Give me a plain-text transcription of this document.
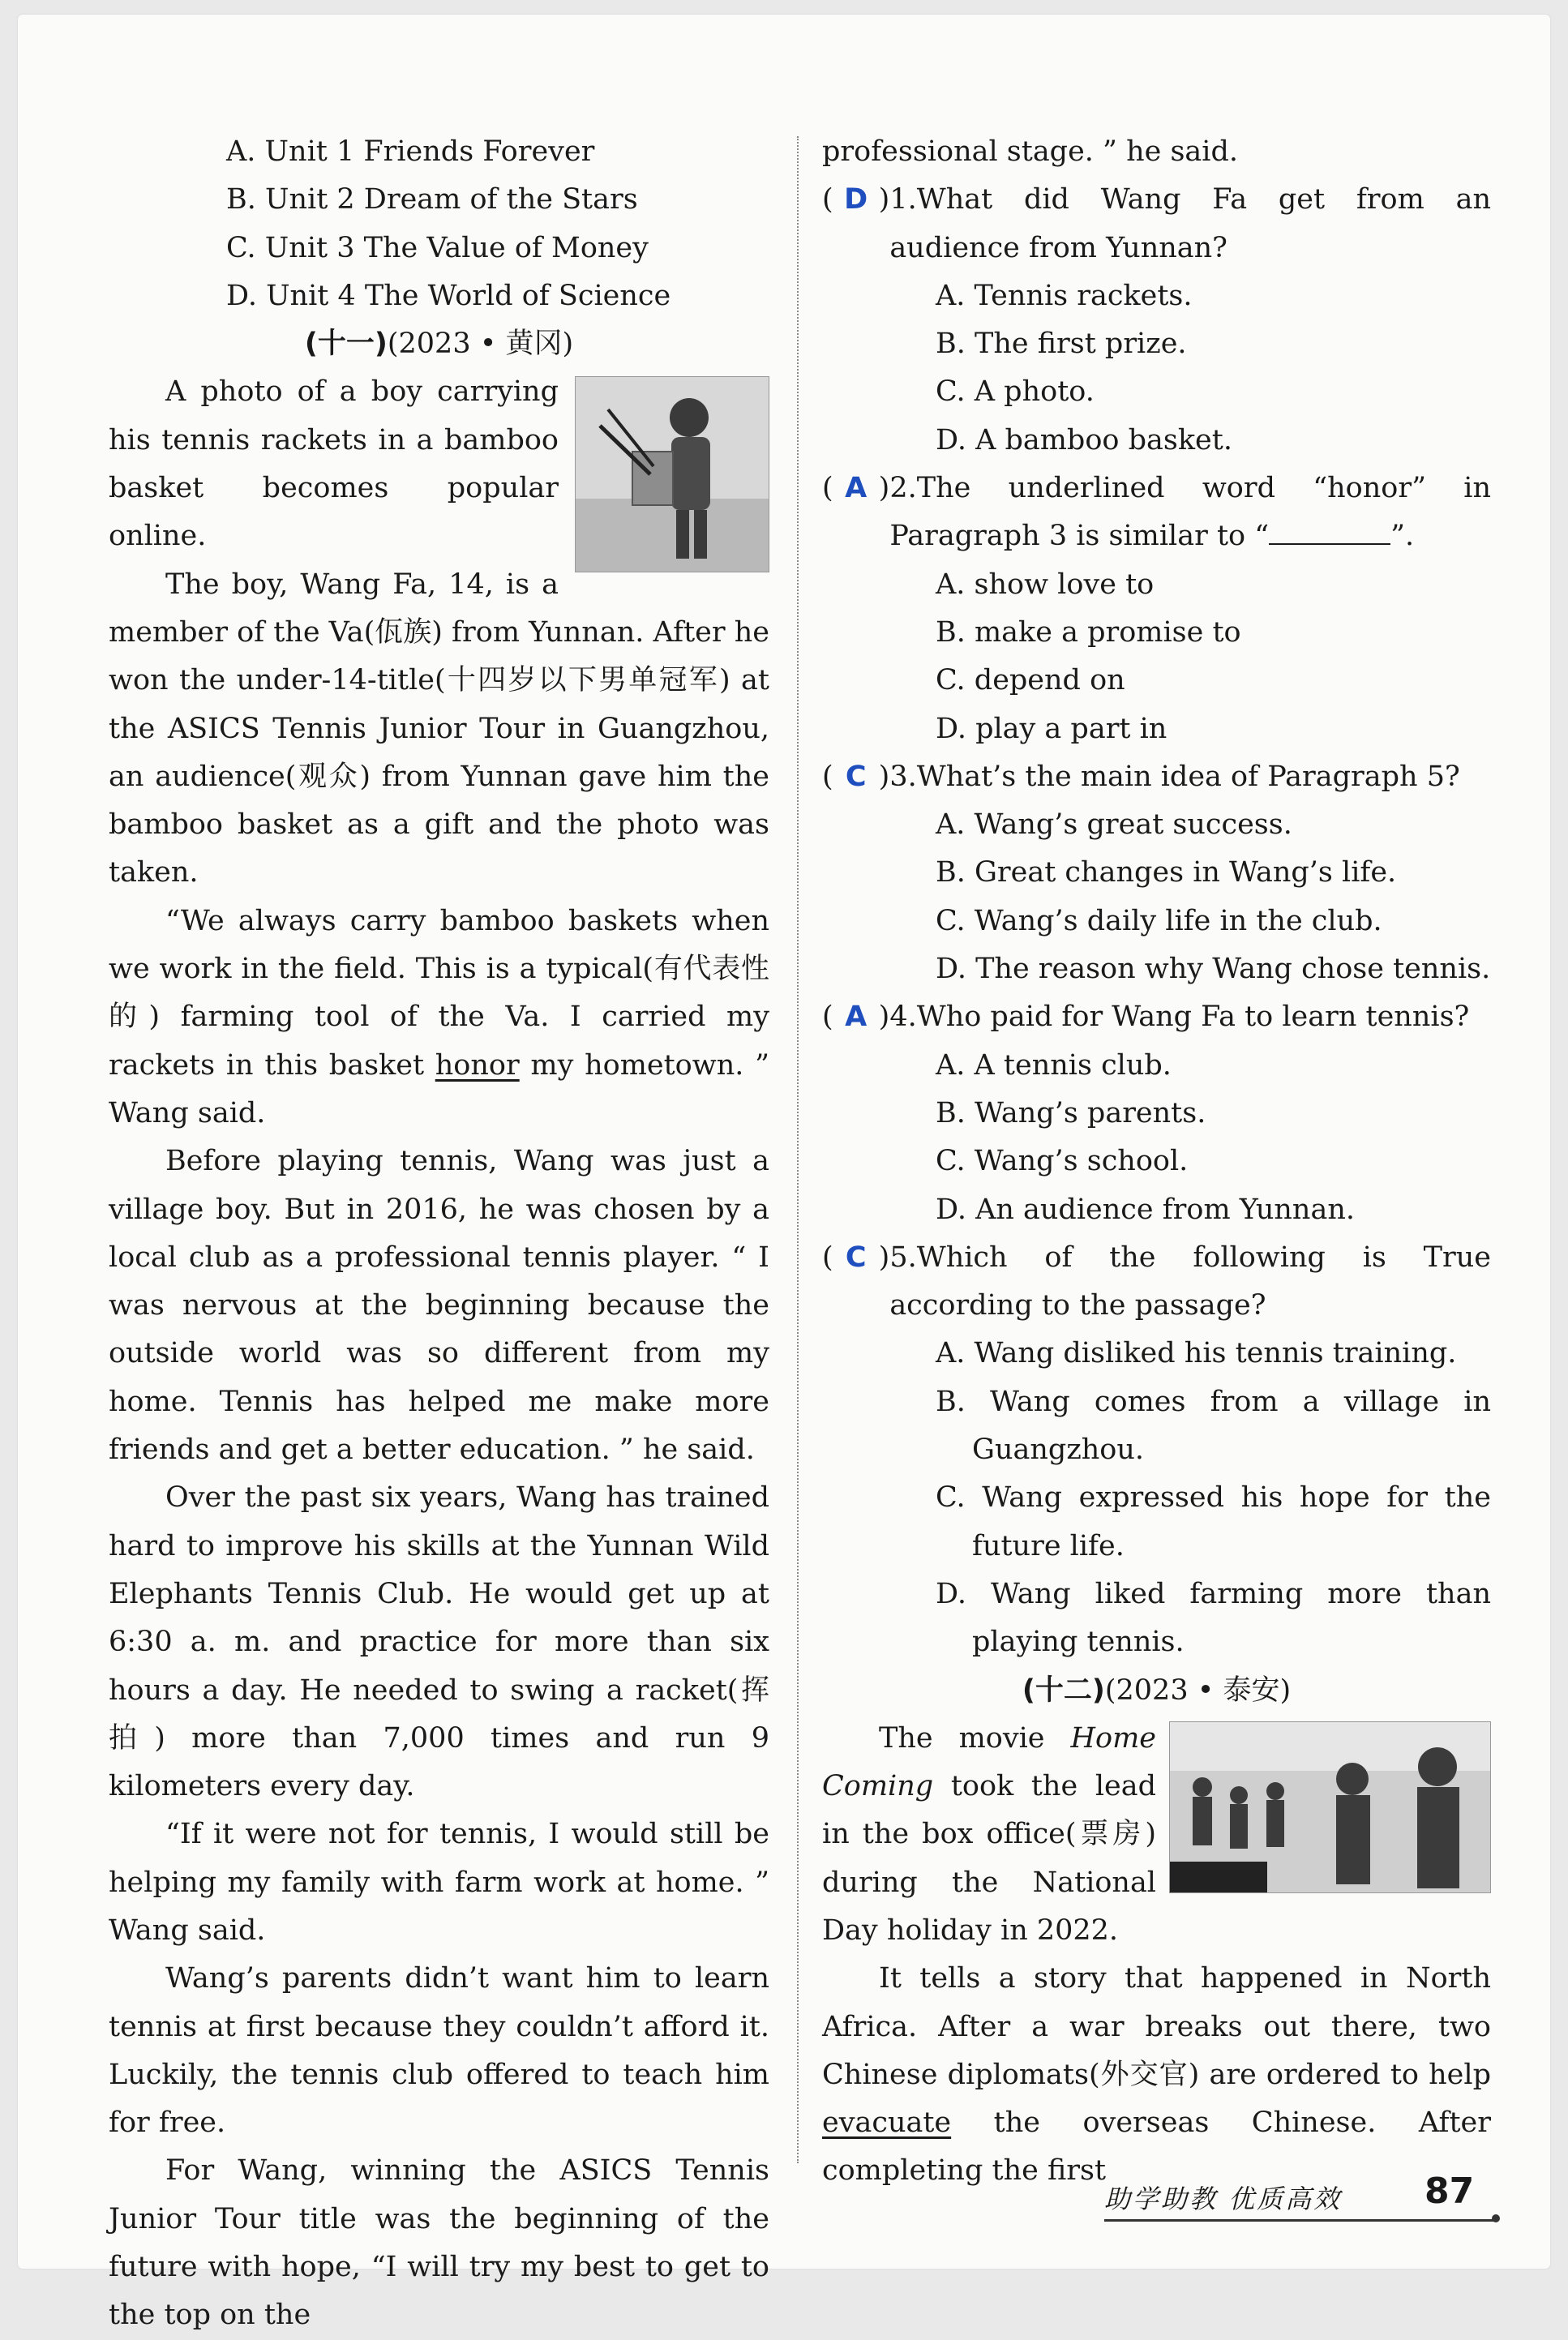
A. Unit 1 Friends Forever

B. Unit 2 Dream of the Stars

C. Unit 3 The Value of Money

D. Unit 4 The World of Science

(十一)(2023 • 黄冈)

A photo of a boy carrying his tennis rackets in a bamboo basket becomes popular online.

The boy, Wang Fa, 14, is a member of the Va(佤族) from Yunnan. After he won the under-14-title(十四岁以下男单冠军) at the ASICS Tennis Junior Tour in Guangzhou, an audience(观众) from Yunnan gave him the bamboo basket as a gift and the photo was taken.

“We always carry bamboo baskets when we work in the field. This is a typical(有代表性的) farming tool of the Va. I carried my rackets in this basket honor my hometown. ” Wang said.

Before playing tennis, Wang was just a village boy. But in 2016, he was chosen by a local club as a professional tennis player. “ I was nervous at the beginning because the outside world was so different from my home. Tennis has helped me make more friends and get a better education. ” he said.

Over the past six years, Wang has trained hard to improve his skills at the Yunnan Wild Elephants Tennis Club. He would get up at 6:30 a. m. and practice for more than six hours a day. He needed to swing a racket(挥拍) more than 7,000 times and run 9 kilometers every day.

“If it were not for tennis, I would still be helping my family with farm work at home. ” Wang said.

Wang’s parents didn’t want him to learn tennis at first because they couldn’t afford it. Luckily, the tennis club offered to teach him for free.

For Wang, winning the ASICS Tennis Junior Tour title was the beginning of the future with hope, “I will try my best to get to the top on the

professional stage. ” he said.

( D ) 1.What did Wang Fa get from an audience from Yunnan?

A. Tennis rackets.

B. The first prize.

C. A photo.

D. A bamboo basket.

( A ) 2.The underlined word “honor” in Paragraph 3 is similar to “	”.

A. show love to

B. make a promise to

C. depend on

D. play a part in

( C ) 3.What’s the main idea of Paragraph 5?

A. Wang’s great success.

B. Great changes in Wang’s life.

C. Wang’s daily life in the club.

D. The reason why Wang chose tennis.

( A ) 4.Who paid for Wang Fa to learn tennis?

A. A tennis club.

B. Wang’s parents.

C. Wang’s school.

D. An audience from Yunnan.

( C ) 5.Which of the following is True according to the passage?

A. Wang disliked his tennis training.

B. Wang comes from a village in Guangzhou.

C. Wang expressed his hope for the future life.

D. Wang liked farming more than playing tennis.

(十二)(2023 • 泰安)

The movie Home Coming took the lead in the box office(票房) during the National Day holiday in 2022.

It tells a story that happened in North Africa. After a war breaks out there, two Chinese diplomats(外交官) are ordered to help evacuate the overseas Chinese. After completing the first

助学助教 优质高效 87
